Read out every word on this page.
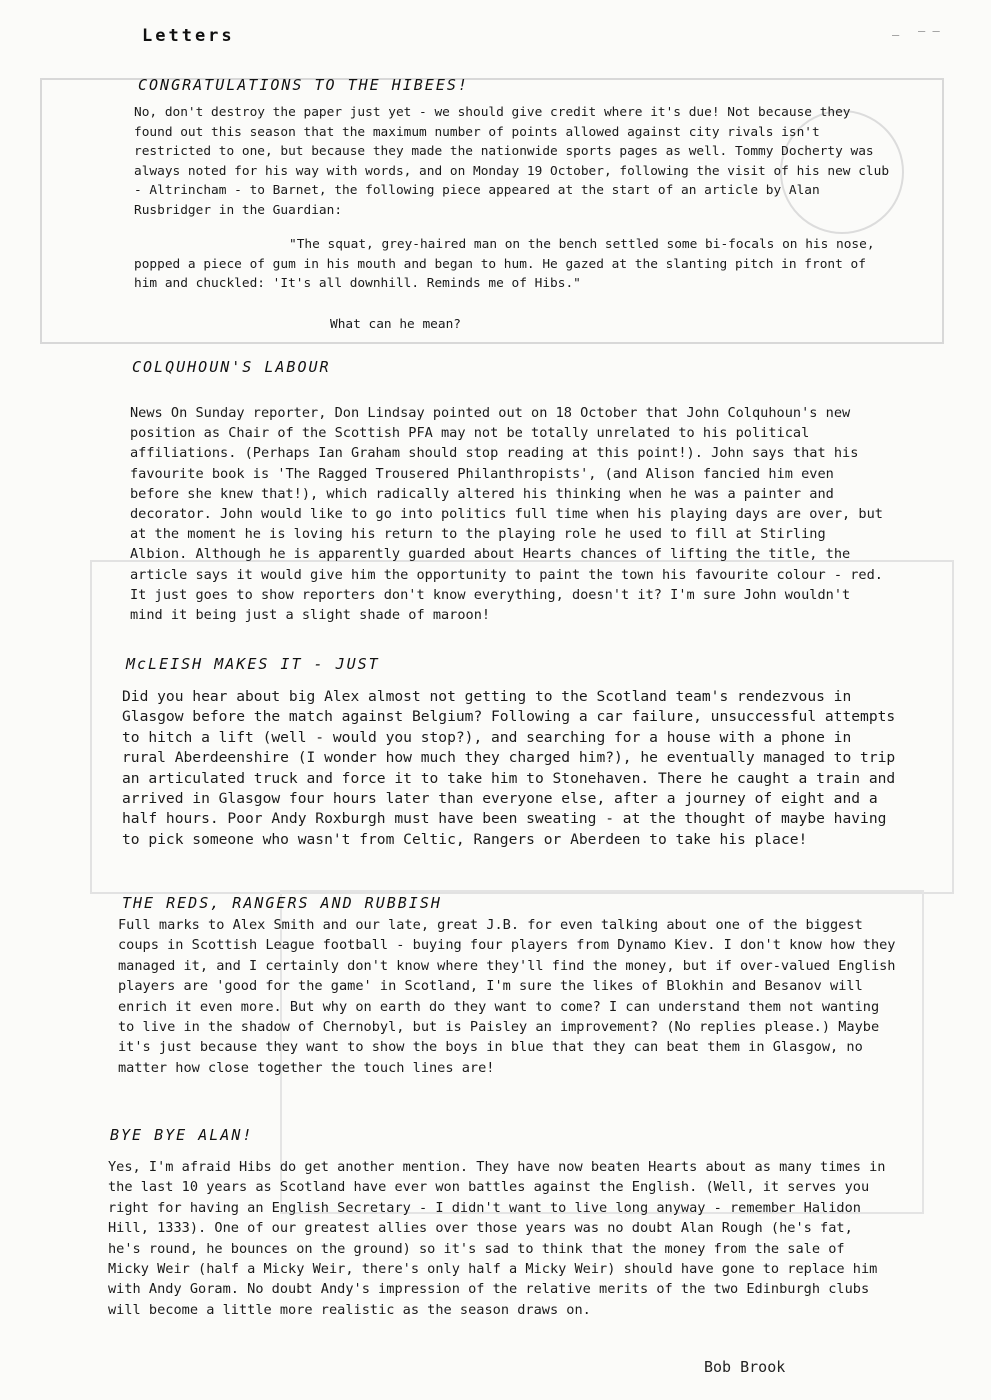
Letters	— — —
CONGRATULATIONS TO THE HIBEES!
No, don't destroy the paper just yet - we should give credit where it's due! Not because they found out this season that the maximum number of points allowed against city rivals isn't restricted to one, but because they made the nationwide sports pages as well. Tommy Docherty was always noted for his way with words, and on Monday 19 October, following the visit of his new club - Altrincham - to Barnet, the following piece appeared at the start of an article by Alan Rusbridger in the Guardian:
"The squat, grey-haired man on the bench settled some bi-focals on his nose, popped a piece of gum in his mouth and began to hum. He gazed at the slanting pitch in front of him and chuckled: 'It's all downhill. Reminds me of Hibs."
What can he mean?
COLQUHOUN'S LABOUR
News On Sunday reporter, Don Lindsay pointed out on 18 October that John Colquhoun's new position as Chair of the Scottish PFA may not be totally unrelated to his political affiliations. (Perhaps Ian Graham should stop reading at this point!). John says that his favourite book is 'The Ragged Trousered Philanthropists', (and Alison fancied him even before she knew that!), which radically altered his thinking when he was a painter and decorator. John would like to go into politics full time when his playing days are over, but at the moment he is loving his return to the playing role he used to fill at Stirling Albion. Although he is apparently guarded about Hearts chances of lifting the title, the article says it would give him the opportunity to paint the town his favourite colour - red. It just goes to show reporters don't know everything, doesn't it? I'm sure John wouldn't mind it being just a slight shade of maroon!
McLEISH MAKES IT - JUST
Did you hear about big Alex almost not getting to the Scotland team's rendezvous in Glasgow before the match against Belgium? Following a car failure, unsuccessful attempts to hitch a lift (well - would you stop?), and searching for a house with a phone in rural Aberdeenshire (I wonder how much they charged him?), he eventually managed to trip an articulated truck and force it to take him to Stonehaven. There he caught a train and arrived in Glasgow four hours later than everyone else, after a journey of eight and a half hours. Poor Andy Roxburgh must have been sweating - at the thought of maybe having to pick someone who wasn't from Celtic, Rangers or Aberdeen to take his place!
THE REDS, RANGERS AND RUBBISH
Full marks to Alex Smith and our late, great J.B. for even talking about one of the biggest coups in Scottish League football - buying four players from Dynamo Kiev. I don't know how they managed it, and I certainly don't know where they'll find the money, but if over-valued English players are 'good for the game' in Scotland, I'm sure the likes of Blokhin and Besanov will enrich it even more. But why on earth do they want to come? I can understand them not wanting to live in the shadow of Chernobyl, but is Paisley an improvement? (No replies please.) Maybe it's just because they want to show the boys in blue that they can beat them in Glasgow, no matter how close together the touch lines are!
BYE BYE ALAN!
Yes, I'm afraid Hibs do get another mention. They have now beaten Hearts about as many times in the last 10 years as Scotland have ever won battles against the English. (Well, it serves you right for having an English Secretary - I didn't want to live long anyway - remember Halidon Hill, 1333). One of our greatest allies over those years was no doubt Alan Rough (he's fat, he's round, he bounces on the ground) so it's sad to think that the money from the sale of Micky Weir (half a Micky Weir, there's only half a Micky Weir) should have gone to replace him with Andy Goram. No doubt Andy's impression of the relative merits of the two Edinburgh clubs will become a little more realistic as the season draws on.
Bob Brook
